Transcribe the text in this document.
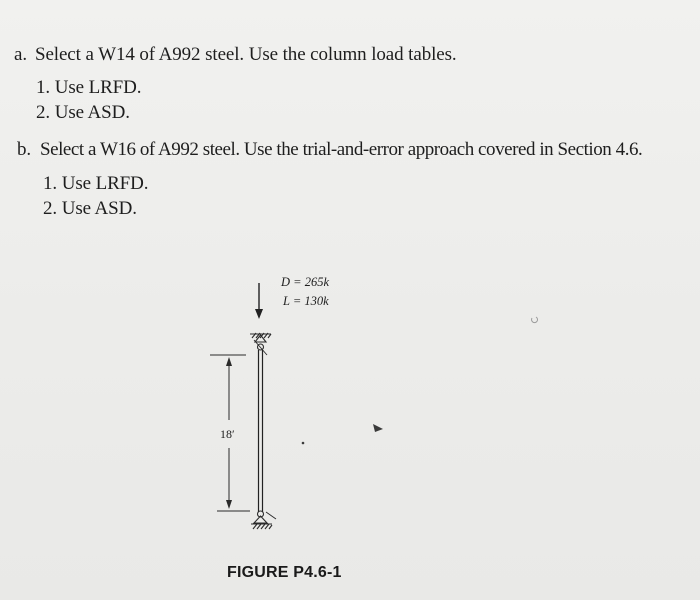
a. Select a W14 of A992 steel. Use the column load tables.
1. Use LRFD.
2. Use ASD.
b. Select a W16 of A992 steel. Use the trial-and-error approach covered in Section 4.6.
1. Use LRFD.
2. Use ASD.
D = 265k
L = 130k
18′
FIGURE P4.6-1
